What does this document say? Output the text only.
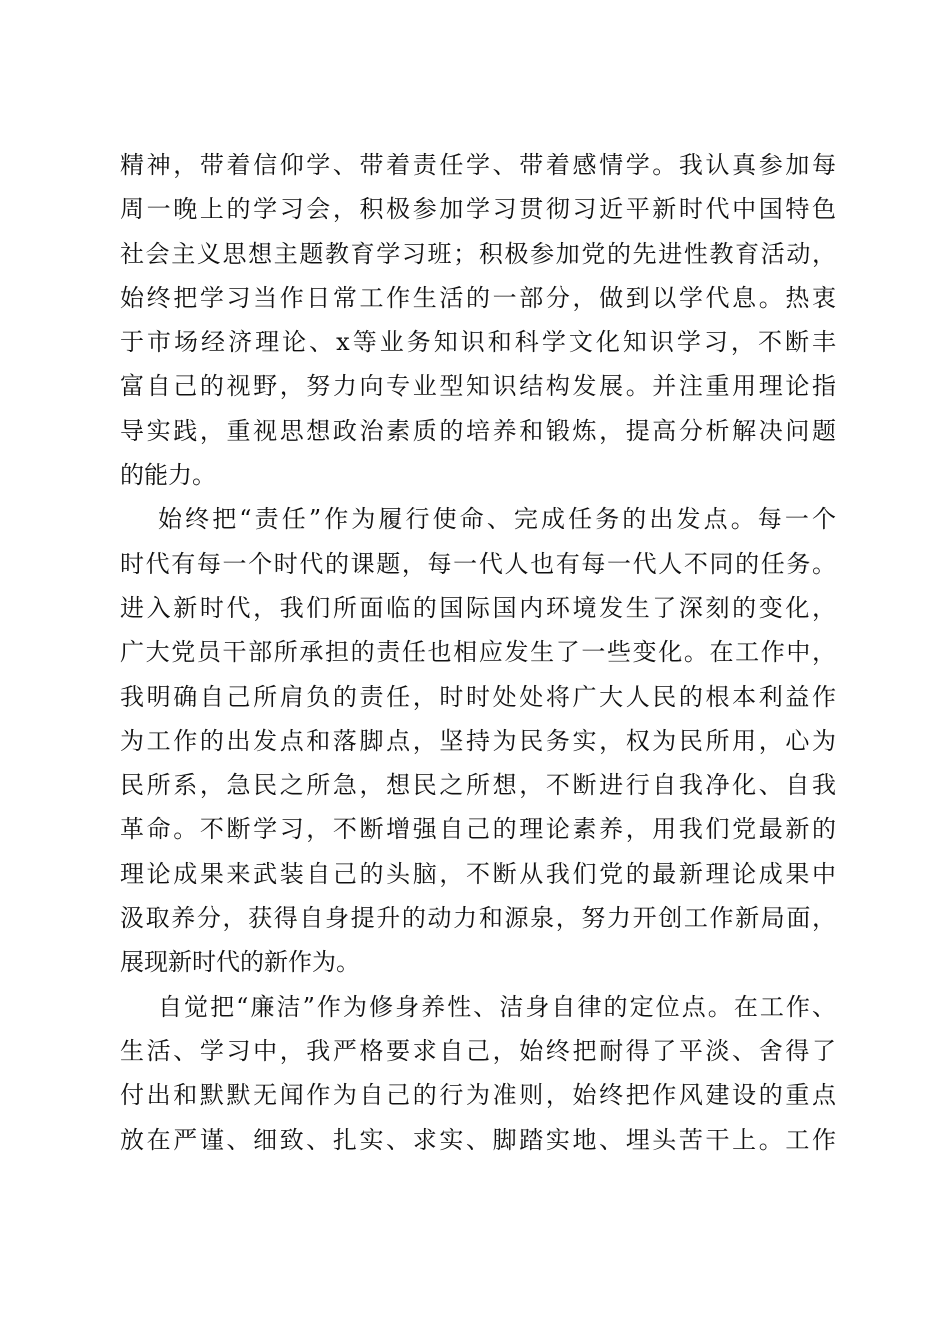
精神，带着信仰学、带着责任学、带着感情学。我认真参加每
周一晚上的学习会，积极参加学习贯彻习近平新时代中国特色
社会主义思想主题教育学习班；积极参加党的先进性教育活动，
始终把学习当作日常工作生活的一部分，做到以学代息。热衷
于市场经济理论、x等业务知识和科学文化知识学习，不断丰
富自己的视野，努力向专业型知识结构发展。并注重用理论指
导实践，重视思想政治素质的培养和锻炼，提高分析解决问题
的能力。
始终把“责任”作为履行使命、完成任务的出发点。每一个
时代有每一个时代的课题，每一代人也有每一代人不同的任务。
进入新时代，我们所面临的国际国内环境发生了深刻的变化，
广大党员干部所承担的责任也相应发生了一些变化。在工作中，
我明确自己所肩负的责任，时时处处将广大人民的根本利益作
为工作的出发点和落脚点，坚持为民务实，权为民所用，心为
民所系，急民之所急，想民之所想，不断进行自我净化、自我
革命。不断学习，不断增强自己的理论素养，用我们党最新的
理论成果来武装自己的头脑，不断从我们党的最新理论成果中
汲取养分，获得自身提升的动力和源泉，努力开创工作新局面，
展现新时代的新作为。
自觉把“廉洁”作为修身养性、洁身自律的定位点。在工作、
生活、学习中，我严格要求自己，始终把耐得了平淡、舍得了
付出和默默无闻作为自己的行为准则，始终把作风建设的重点
放在严谨、细致、扎实、求实、脚踏实地、埋头苦干上。工作
